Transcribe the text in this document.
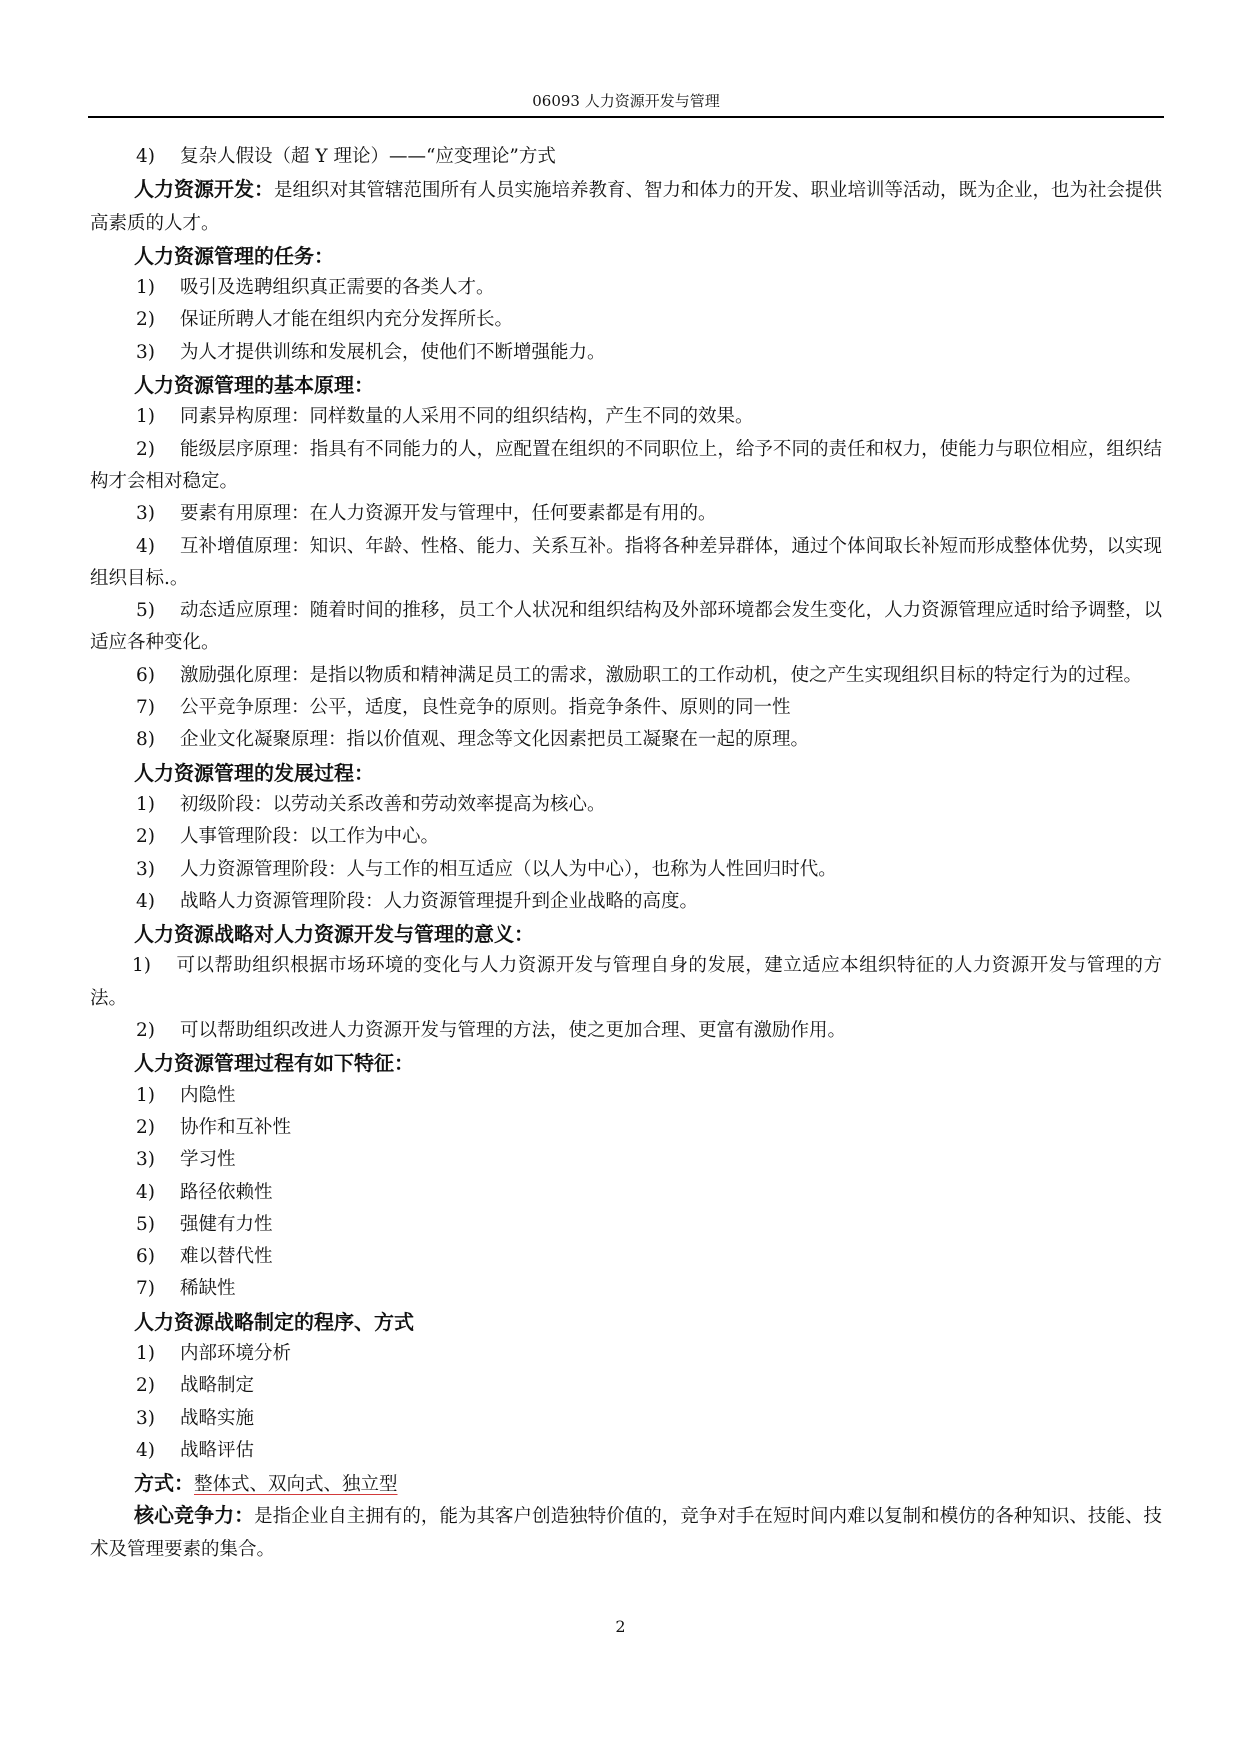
06093 人力资源开发与管理
4) 复杂人假设（超 Y 理论）——“应变理论”方式
人力资源开发：是组织对其管辖范围所有人员实施培养教育、智力和体力的开发、职业培训等活动，既为企业，也为社会提供高素质的人才。
人力资源管理的任务：
1) 吸引及选聘组织真正需要的各类人才。
2) 保证所聘人才能在组织内充分发挥所长。
3) 为人才提供训练和发展机会，使他们不断增强能力。
人力资源管理的基本原理：
1) 同素异构原理：同样数量的人采用不同的组织结构，产生不同的效果。
2) 能级层序原理：指具有不同能力的人，应配置在组织的不同职位上，给予不同的责任和权力，使能力与职位相应，组织结构才会相对稳定。
3) 要素有用原理：在人力资源开发与管理中，任何要素都是有用的。
4) 互补增值原理：知识、年龄、性格、能力、关系互补。指将各种差异群体，通过个体间取长补短而形成整体优势，以实现组织目标.。
5) 动态适应原理：随着时间的推移，员工个人状况和组织结构及外部环境都会发生变化，人力资源管理应适时给予调整，以适应各种变化。
6) 激励强化原理：是指以物质和精神满足员工的需求，激励职工的工作动机，使之产生实现组织目标的特定行为的过程。
7) 公平竞争原理：公平，适度，良性竞争的原则。指竞争条件、原则的同一性
8) 企业文化凝聚原理：指以价值观、理念等文化因素把员工凝聚在一起的原理。
人力资源管理的发展过程：
1) 初级阶段：以劳动关系改善和劳动效率提高为核心。
2) 人事管理阶段：以工作为中心。
3) 人力资源管理阶段：人与工作的相互适应（以人为中心），也称为人性回归时代。
4) 战略人力资源管理阶段：人力资源管理提升到企业战略的高度。
人力资源战略对人力资源开发与管理的意义：
1) 可以帮助组织根据市场环境的变化与人力资源开发与管理自身的发展，建立适应本组织特征的人力资源开发与管理的方法。
2) 可以帮助组织改进人力资源开发与管理的方法，使之更加合理、更富有激励作用。
人力资源管理过程有如下特征：
1) 内隐性
2) 协作和互补性
3) 学习性
4) 路径依赖性
5) 强健有力性
6) 难以替代性
7) 稀缺性
人力资源战略制定的程序、方式
1) 内部环境分析
2) 战略制定
3) 战略实施
4) 战略评估
方式：整体式、双向式、独立型
核心竞争力：是指企业自主拥有的，能为其客户创造独特价值的，竞争对手在短时间内难以复制和模仿的各种知识、技能、技术及管理要素的集合。
2
